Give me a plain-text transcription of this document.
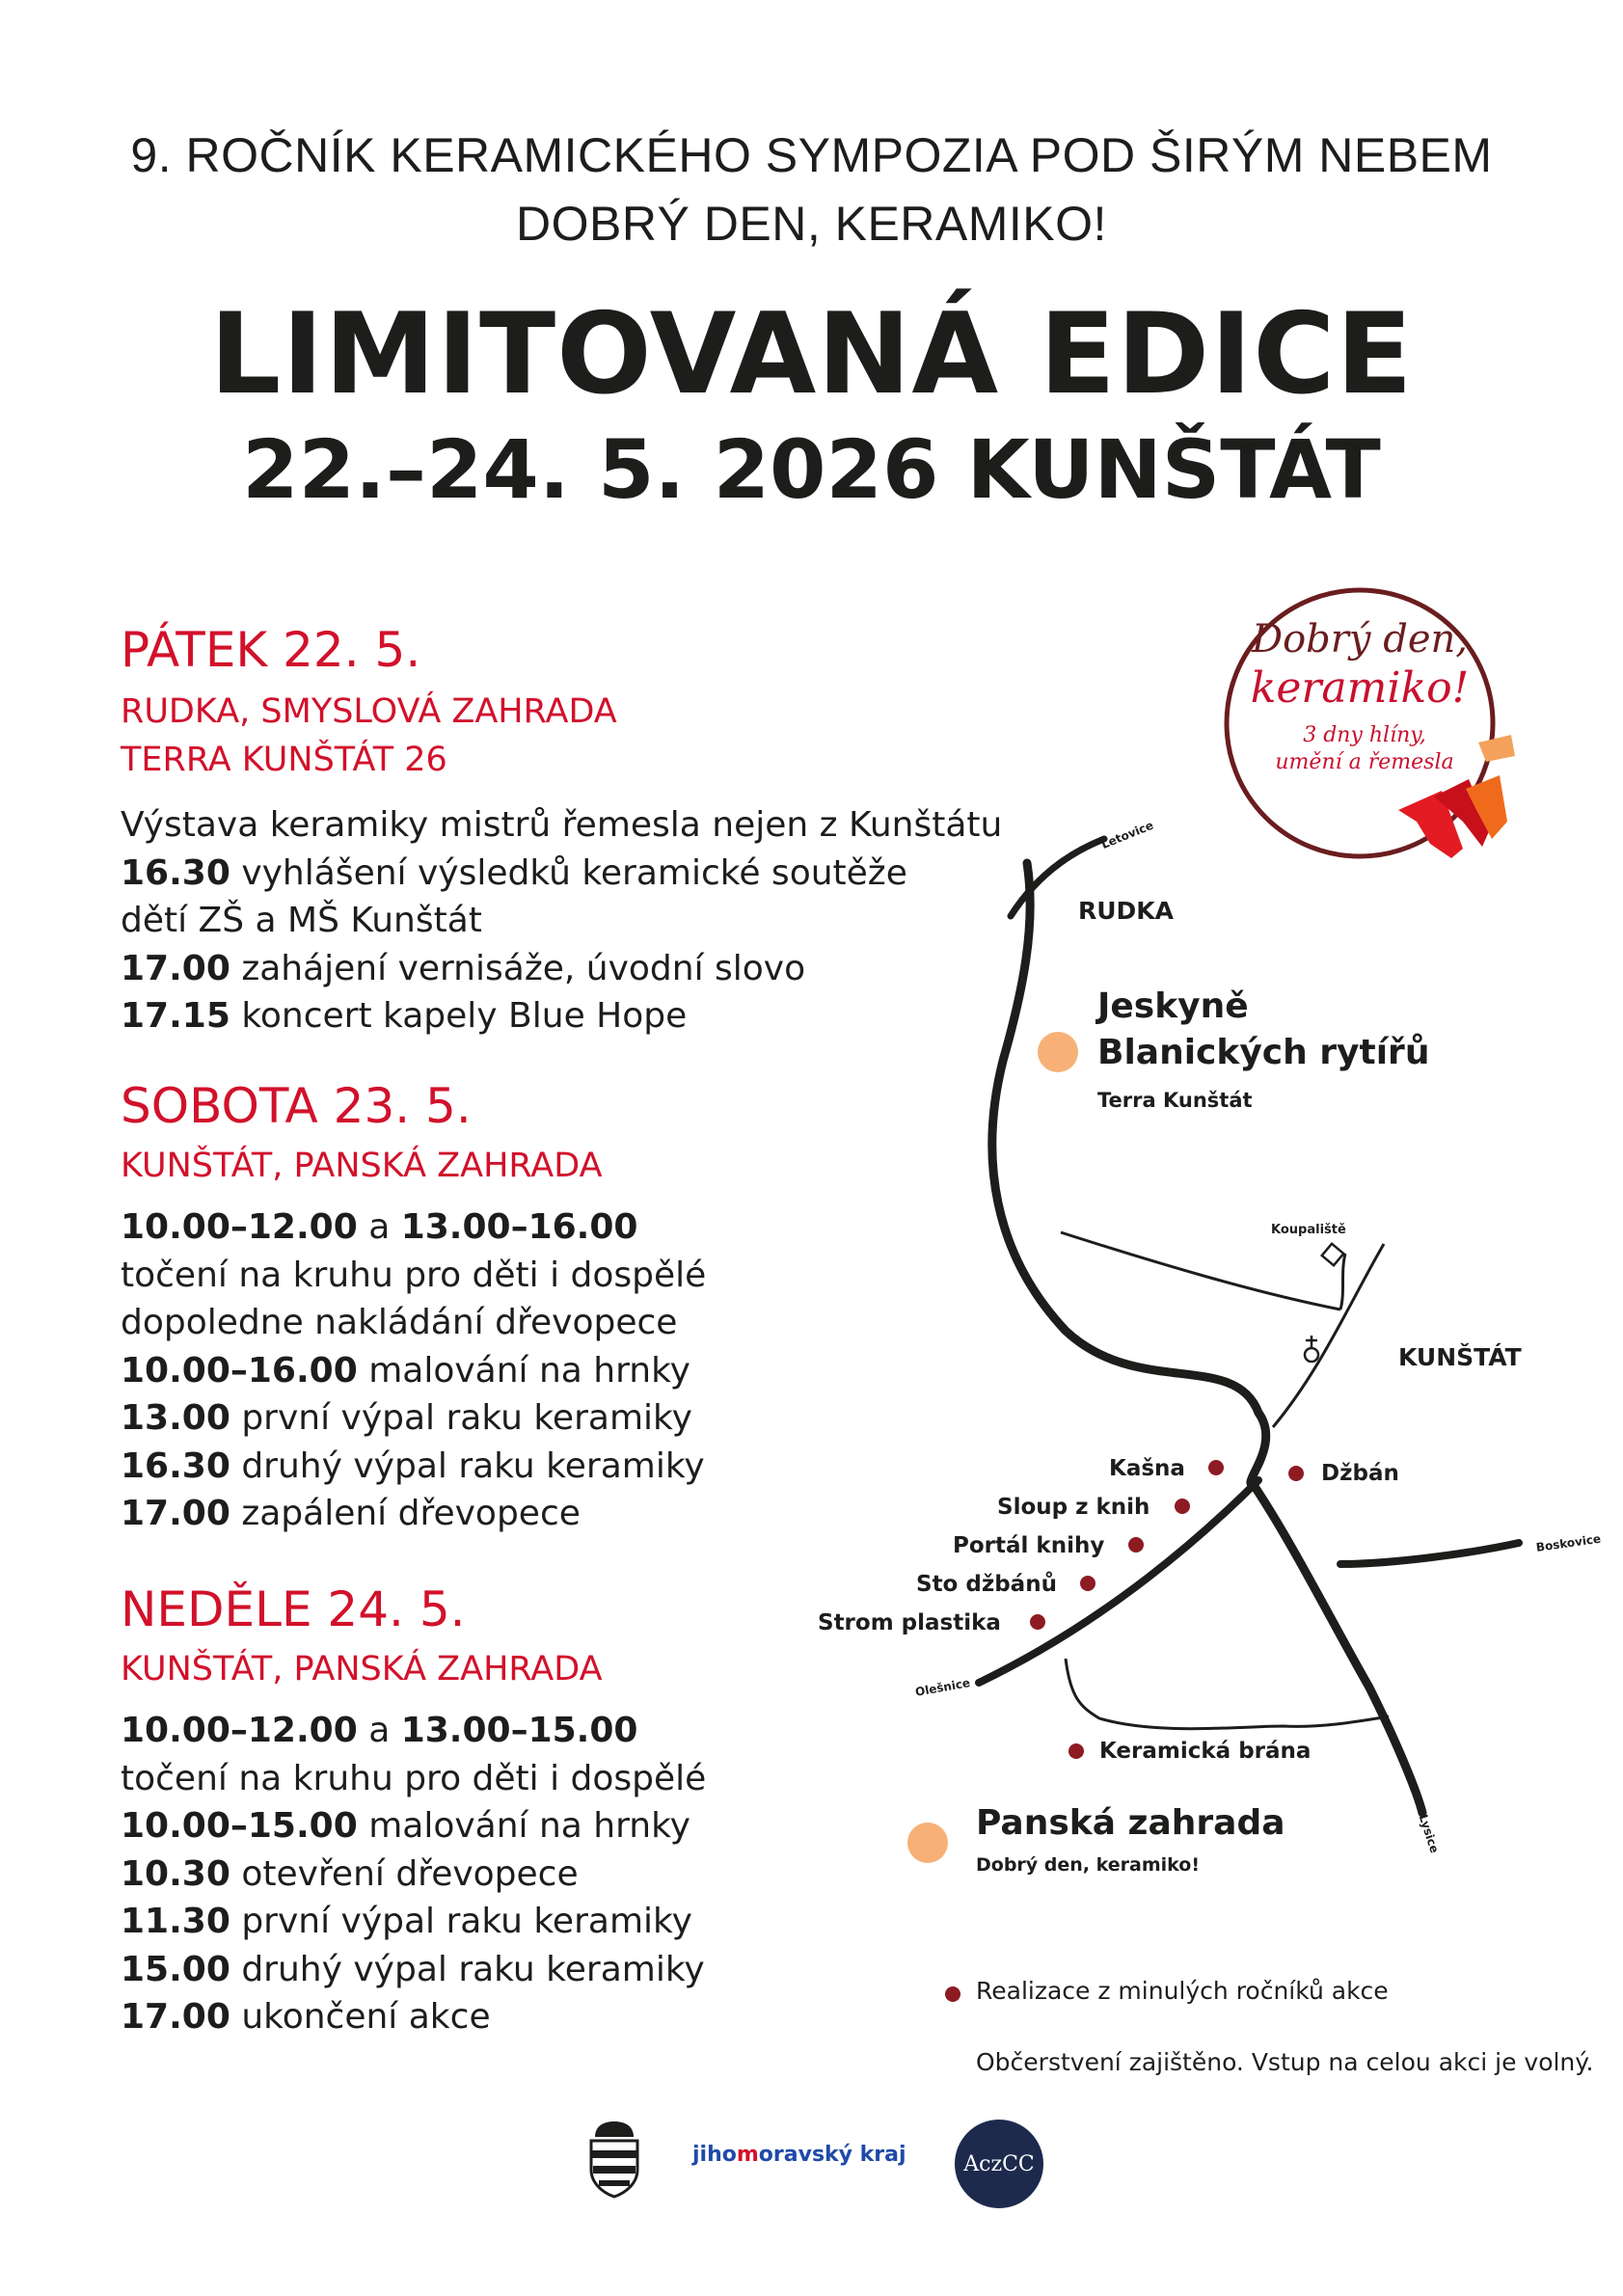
9. ROČNÍK KERAMICKÉHO SYMPOZIA POD ŠIRÝM NEBEM
DOBRÝ DEN, KERAMIKO!
LIMITOVANÁ EDICE
22.–24. 5. 2026 KUNŠTÁT
PÁTEK 22. 5.
RUDKA, SMYSLOVÁ ZAHRADA
TERRA KUNŠTÁT 26
Výstava keramiky mistrů řemesla nejen z Kunštátu
16.30 vyhlášení výsledků keramické soutěže
dětí ZŠ a MŠ Kunštát
17.00 zahájení vernisáže, úvodní slovo
17.15 koncert kapely Blue Hope
SOBOTA 23. 5.
KUNŠTÁT, PANSKÁ ZAHRADA
10.00–12.00 a 13.00–16.00
točení na kruhu pro děti i dospělé
dopoledne nakládání dřevopece
10.00–16.00 malování na hrnky
13.00 první výpal raku keramiky
16.30 druhý výpal raku keramiky
17.00 zapálení dřevopece
NEDĚLE 24. 5.
KUNŠTÁT, PANSKÁ ZAHRADA
10.00–12.00 a 13.00–15.00
točení na kruhu pro děti i dospělé
10.00–15.00 malování na hrnky
10.30 otevření dřevopece
11.30 první výpal raku keramiky
15.00 druhý výpal raku keramiky
17.00 ukončení akce
Dobrý den,
keramiko!
3 dny hlíny,
umění a řemesla
Letovice
RUDKA
Jeskyně
Blanických rytířů
Terra Kunštát
Koupaliště
KUNŠTÁT
Kašna	Džbán
Sloup z knih
Portál knihy
Sto džbánů
Strom plastika
Boskovice
Olešnice
Keramická brána
Lysice
Panská zahrada
Dobrý den, keramiko!
Realizace z minulých ročníků akce
Občerstvení zajištěno. Vstup na celou akci je volný.
jihomoravský kraj	AczCC
